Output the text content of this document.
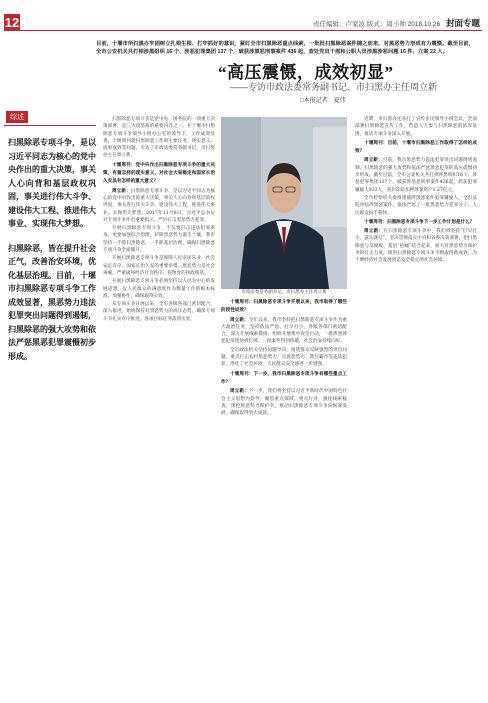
12	责任编辑：卢家波 版式：周小帅 2018.10.26 封面专题
目前，十堰市所扫黑办牢固树立扎根生根、打牢抓好的意识，紧盯全市扫黑除恶重点线索，一批批扫黑除恶案件随之而来，对黑恶势力形成有力震慑。截至目前，全市公安机关共打掉涉黑组织 16 个、涉恶犯罪集团 137 个，破获涉黑恶刑事案件 436 起，查处党员干部和公职人员涉黑涉恶问题 16 件，立案 22 人。
“高压震慑，成效初显”
——专访市政法委常务副书记、市扫黑办主任周立新
□本报记者　夏伟
综述

扫黑除恶专项斗争，是以习近平同志为核心的党中央作出的重大决策，事关人心向背和基层政权巩固，事关进行伟大斗争、建设伟大工程、推进伟大事业、实现伟大梦想。

扫黑除恶，皆在提升社会正气，改善治安环境，优化基层治理。目前，十堰市扫黑除恶专项斗争工作成效显著，黑恶势力违法犯罪突出问题得到遏制，扫黑除恶的强大攻势和依法严惩黑恶犯罪震慑初步形成。

扫黑除恶专项斗争是党中央、国务院的一项重大决策部署，是三大攻坚战的重要内容之一。在十堰市扫黑除恶专项斗争领导小组办公室的领导下，工作成效显著。十堰周刊就扫黑除恶工作的主要任务、现实意义、成果成效等问题，专访了市政法委常务副书记、市扫黑办主任周立新。

十堰周刊：党中央作出扫黑除恶专项斗争的重大决策，有着怎样的现实意义，对社会大局稳定和国家长治久安具有怎样的重大意义？

周立新：扫黑除恶专项斗争，是以习近平同志为核心的党中央作出的重大决策，事关人心向背和基层政权巩固，事关进行伟大斗争、建设伟大工程、推进伟大事业、实现伟大梦想。2017年11月8日，习近平总书记对专项斗争作出重要指示，严厉打击黑恶势力犯罪。

开展扫黑除恶专项斗争，不仅要打击违法犯罪本身，更要加强综合治理，铲除黑恶势力滋生土壤。我市坚持一手抓扫黑除恶，一手抓基层治理，确保扫黑除恶专项斗争全面铺开。

开展扫黑除恶专项斗争是保障人民安居乐业、社会安定有序、国家长治久安的重要举措。黑恶势力是社会毒瘤，严重破坏经济社会秩序，侵蚀党的执政根基。

开展扫黑除恶专项斗争必须坚持以人民为中心的发展思想，以人民群众的满意度作为衡量工作的根本标准，加强协作，确保取得实效。

从专项斗争开展以来，全市各级各部门密切配合，深入推进，始终保持对黑恶势力的高压态势，确保专项斗争扎实有序推进，各项目标任务落到实处。

市政法委常务副书记、市扫黑办主任周立新

十堰周刊：扫黑除恶专项斗争开展以来，我市取得了哪些阶段性成效？

周立新：今年以来，我市坚持把扫黑除恶专项斗争作为重大政治任务，坚持依法严惩、打早打小，各级各部门密切配合，深入开展线索摸排，组织开展集中攻坚行动，一批涉黑涉恶犯罪团伙被打掉，一批案件得到侦破，社会治安持续向好。

全市政法机关坚持问题导向，围绕群众反映强烈的突出问题，重点打击农村黑恶势力、宗族恶势力、欺行霸市等违法犯罪，净化了社会环境，人民群众安全感进一步增强。

十堰周刊：下一步，我市扫黑除恶专项斗争有哪些重点工作？

周立新：下一步，我们将坚持以习近平新时代中国特色社会主义思想为指导，聚焦重点领域、重点行业，强化线索核查，深挖黑恶势力保护伞，推动扫黑除恶专项斗争向纵深发展，确保取得更大成效。

近期，市扫黑办还举行了宣传市民领导小组会议，全面部署扫黑除恶宣传工作，营造人人参与扫黑除恶的浓厚氛围，推动专项斗争深入开展。

十堰周刊：目前，十堰市扫黑除恶工作取得了怎样的成效？

周立新：目前，我市黑恶势力违法犯罪突出问题得到遏制，扫黑除恶的强大攻势和依法严惩黑恶犯罪的高压震慑初步形成。截至目前，全市公安机关共打掉涉黑组织16个、涉恶犯罪集团137个，破获涉黑恶刑事案件436起，抓获犯罪嫌疑人933人，查封冻结扣押涉案资产1.27亿元。

全市检察机关批准逮捕涉黑恶案件犯罪嫌疑人，全市法院审结涉黑恶案件，依法严惩了一批黑恶势力犯罪分子，人民群众拍手称快。

十堰周刊：扫黑除恶专项斗争下一步工作计划是什么？

周立新：在扫黑除恶专项斗争中，我们将坚持“打早打小、露头就打”，坚决贯彻落实中央和省委决策部署，把扫黑除恶与反腐败、基层“拍蝇”结合起来，加大对黑恶势力保护伞的打击力度，推进扫黑除恶专项斗争不断取得新成效，为十堰经济社会发展创造安全稳定的社会环境。
